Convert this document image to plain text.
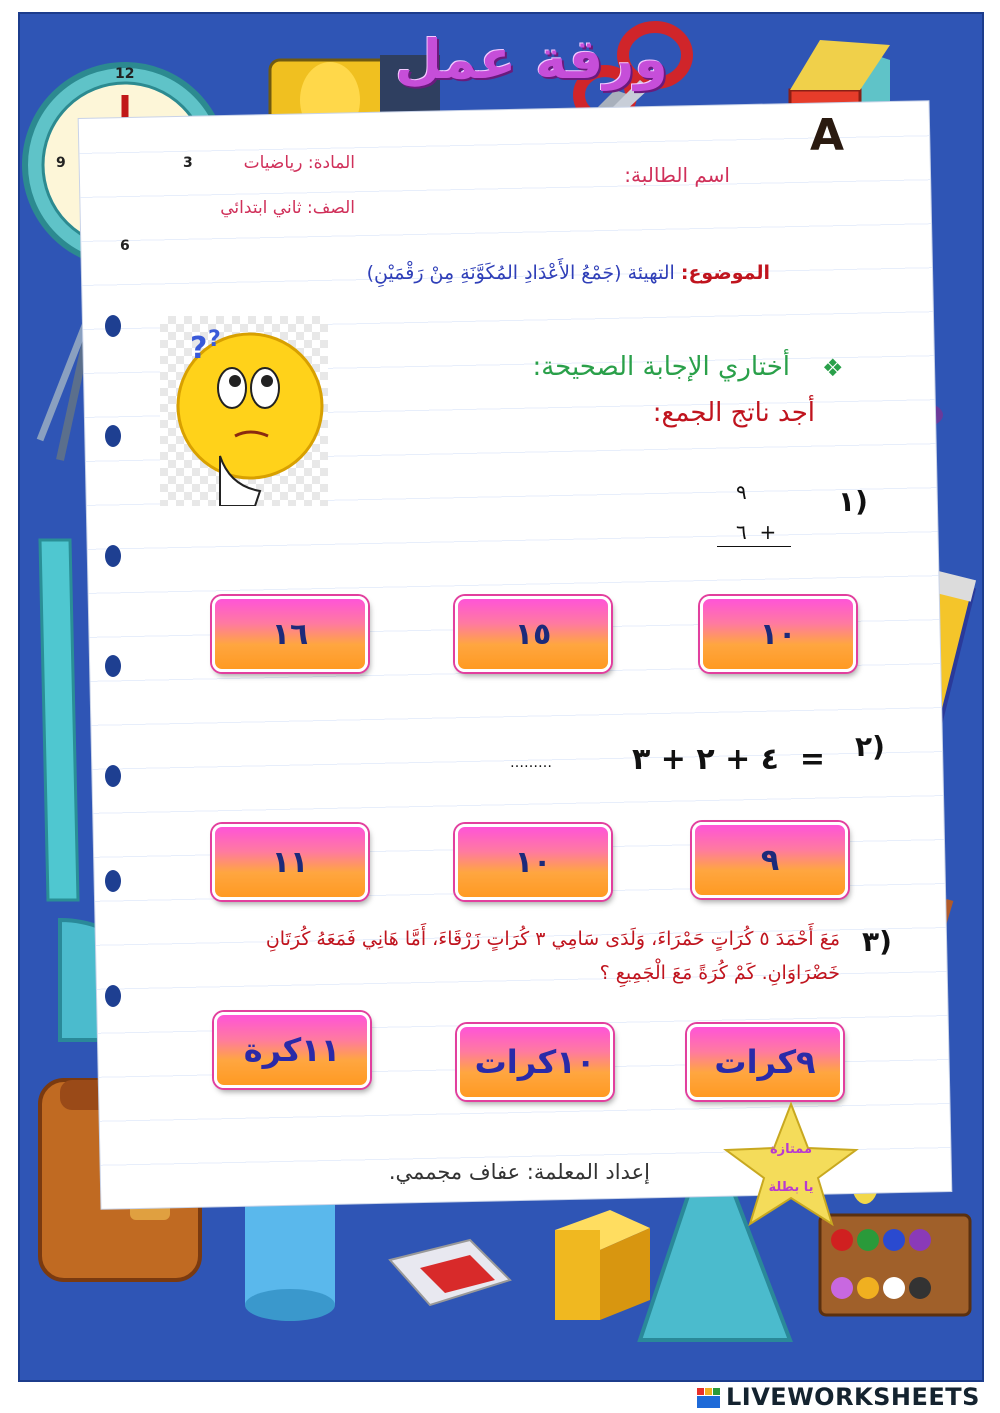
12
3
6
9
A
ورقة عمل
المادة: رياضيات
الصف: ثاني ابتدائي
اسم الطالبة:
الموضوع: التهيئة (جَمْعُ الأَعْدَادِ المُكَوَّنَةِ مِنْ رَقْمَيْنِ)
? ?
❖
أختاري الإجابة الصحيحة:
أجد ناتج الجمع:
١)
٩
٦  +
١٦	١٥	١٠
٢)
٤ + ٢ + ٣  =
………
١١	١٠	٩
٣)
مَعَ أَحْمَدَ ٥ كُرَاتٍ حَمْرَاءَ، وَلَدَى سَامِي ٣ كُرَاتٍ زَرْقَاءَ، أَمَّا هَانِي فَمَعَهُ كُرَتَانِ
خَضْرَاوَانِ. كَمْ كُرَةً مَعَ الْجَمِيعِ ؟
١١كرة	١٠كرات	٩كرات
ممتازة
يا بطلة
إعداد المعلمة: عفاف مجممي.
LIVEWORKSHEETS
